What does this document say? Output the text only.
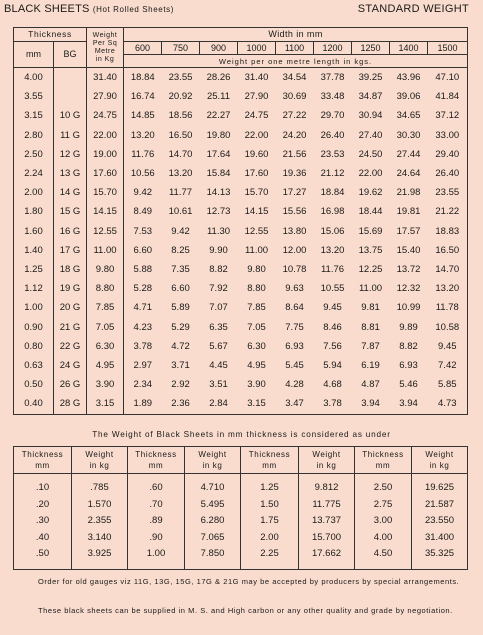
BLACK SHEETS (Hot Rolled Sheets)	STANDARD WEIGHT
Thickness		Weight
Per Sq
Metre
in Kg	Width in mm								
mm	BG		600	750	900	1000	1100	1200	1250	1400	1500
			Weight per one metre length in kgs.								
4.00		31.40	18.84	23.55	28.26	31.40	34.54	37.78	39.25	43.96	47.10
3.55		27.90	16.74	20.92	25.11	27.90	30.69	33.48	34.87	39.06	41.84
3.15	10 G	24.75	14.85	18.56	22.27	24.75	27.22	29.70	30.94	34.65	37.12
2.80	11 G	22.00	13.20	16.50	19.80	22.00	24.20	26.40	27.40	30.30	33.00
2.50	12 G	19.00	11.76	14.70	17.64	19.60	21.56	23.53	24.50	27.44	29.40
2.24	13 G	17.60	10.56	13.20	15.84	17.60	19.36	21.12	22.00	24.64	26.40
2.00	14 G	15.70	9.42	11.77	14.13	15.70	17.27	18.84	19.62	21.98	23.55
1.80	15 G	14.15	8.49	10.61	12.73	14.15	15.56	16.98	18.44	19.81	21.22
1.60	16 G	12.55	7.53	9.42	11.30	12.55	13.80	15.06	15.69	17.57	18.83
1.40	17 G	11.00	6.60	8.25	9.90	11.00	12.00	13.20	13.75	15.40	16.50
1.25	18 G	9.80	5.88	7.35	8.82	9.80	10.78	11.76	12.25	13.72	14.70
1.12	19 G	8.80	5.28	6.60	7.92	8.80	9.63	10.55	11.00	12.32	13.20
1.00	20 G	7.85	4.71	5.89	7.07	7.85	8.64	9.45	9.81	10.99	11.78
0.90	21 G	7.05	4.23	5.29	6.35	7.05	7.75	8.46	8.81	9.89	10.58
0.80	22 G	6.30	3.78	4.72	5.67	6.30	6.93	7.56	7.87	8.82	9.45
0.63	24 G	4.95	2.97	3.71	4.45	4.95	5.45	5.94	6.19	6.93	7.42
0.50	26 G	3.90	2.34	2.92	3.51	3.90	4.28	4.68	4.87	5.46	5.85
0.40	28 G	3.15	1.89	2.36	2.84	3.15	3.47	3.78	3.94	3.94	4.73
The Weight of Black Sheets in mm thickness is considered as under
Thickness
mm	Weight
in kg	Thickness
mm	Weight
in kg	Thickness
mm	Weight
in kg	Thickness
mm	Weight
in kg

.10	.785	.60	4.710	1.25	9.812	2.50	19.625
.20	1.570	.70	5.495	1.50	11.775	2.75	21.587
.30	2.355	.89	6.280	1.75	13.737	3.00	23.550
.40	3.140	.90	7.065	2.00	15.700	4.00	31.400
.50	3.925	1.00	7.850	2.25	17.662	4.50	35.325
Order for old gauges viz 11G, 13G, 15G, 17G & 21G may be accepted by producers by special arrangements.
These black sheets can be supplied in M. S. and High carbon or any other quality and grade by negotiation.
